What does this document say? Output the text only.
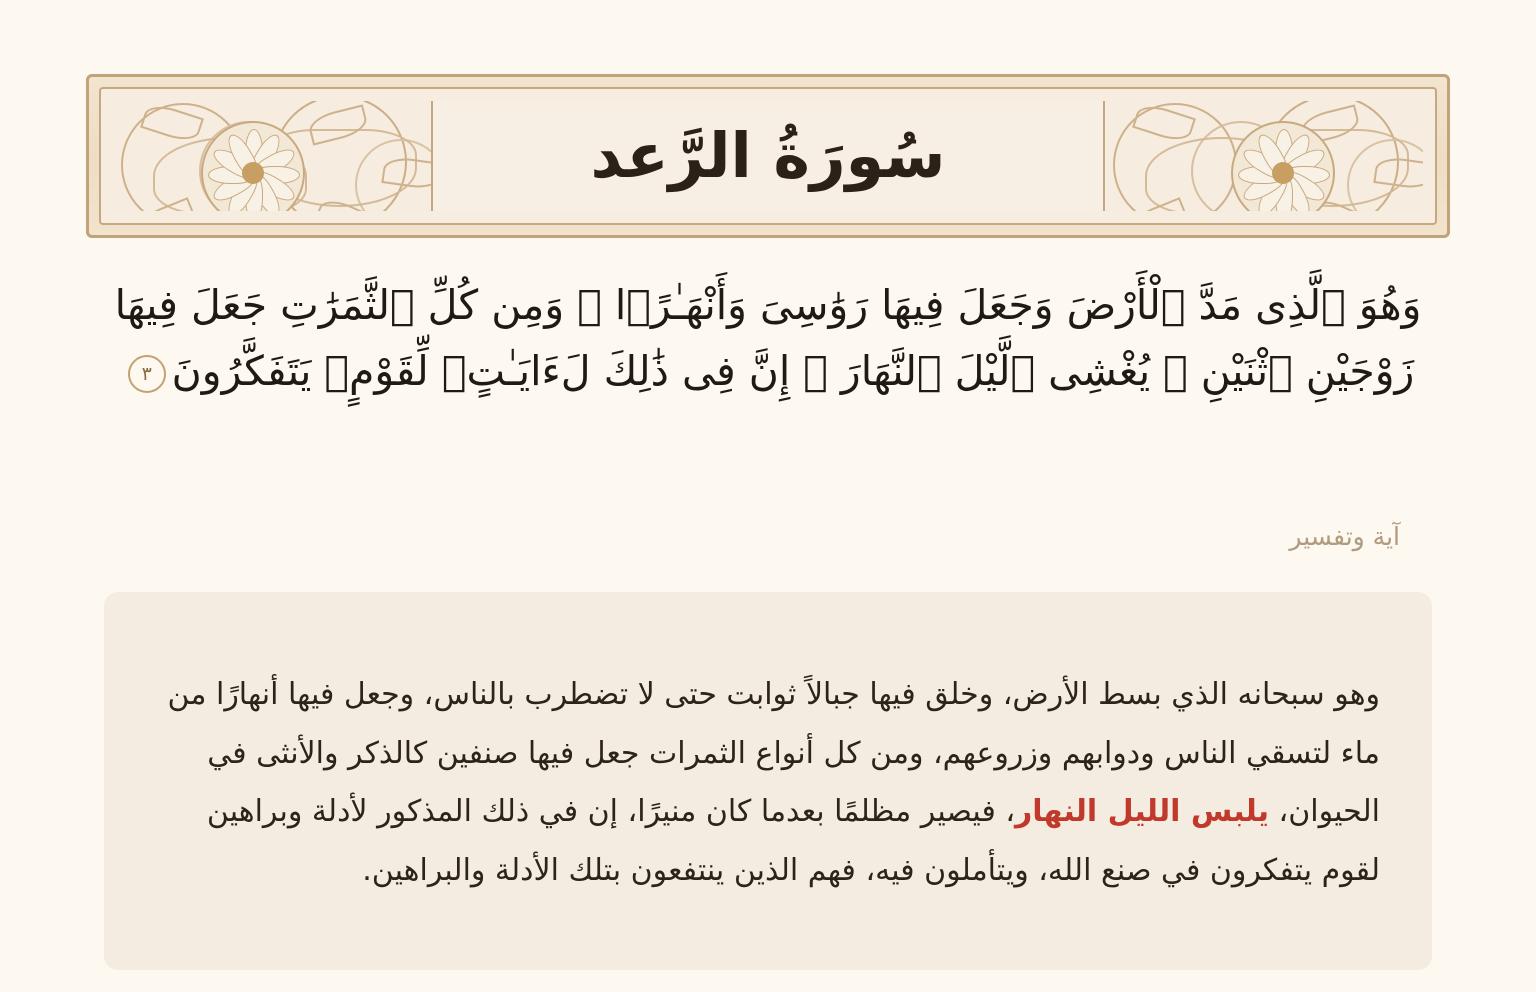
سُورَةُ الرَّعد
وَهُوَ ٱلَّذِى مَدَّ ٱلْأَرْضَ وَجَعَلَ فِيهَا رَوَٰسِىَ وَأَنْهَـٰرًۭا ۖ وَمِن كُلِّ ٱلثَّمَرَٰتِ جَعَلَ فِيهَا زَوْجَيْنِ ٱثْنَيْنِ ۖ يُغْشِى ٱلَّيْلَ ٱلنَّهَارَ ۚ إِنَّ فِى ذَٰلِكَ لَءَايَـٰتٍۢ لِّقَوْمٍۢ يَتَفَكَّرُونَ٣
آية وتفسير

وهو سبحانه الذي بسط الأرض، وخلق فيها جبالاً ثوابت حتى لا تضطرب بالناس، وجعل فيها أنهارًا من ماء لتسقي الناس ودوابهم وزروعهم، ومن كل أنواع الثمرات جعل فيها صنفين كالذكر والأنثى في الحيوان، يلبس الليل النهار، فيصير مظلمًا بعدما كان منيرًا، إن في ذلك المذكور لأدلة وبراهين لقوم يتفكرون في صنع الله، ويتأملون فيه، فهم الذين ينتفعون بتلك الأدلة والبراهين.
